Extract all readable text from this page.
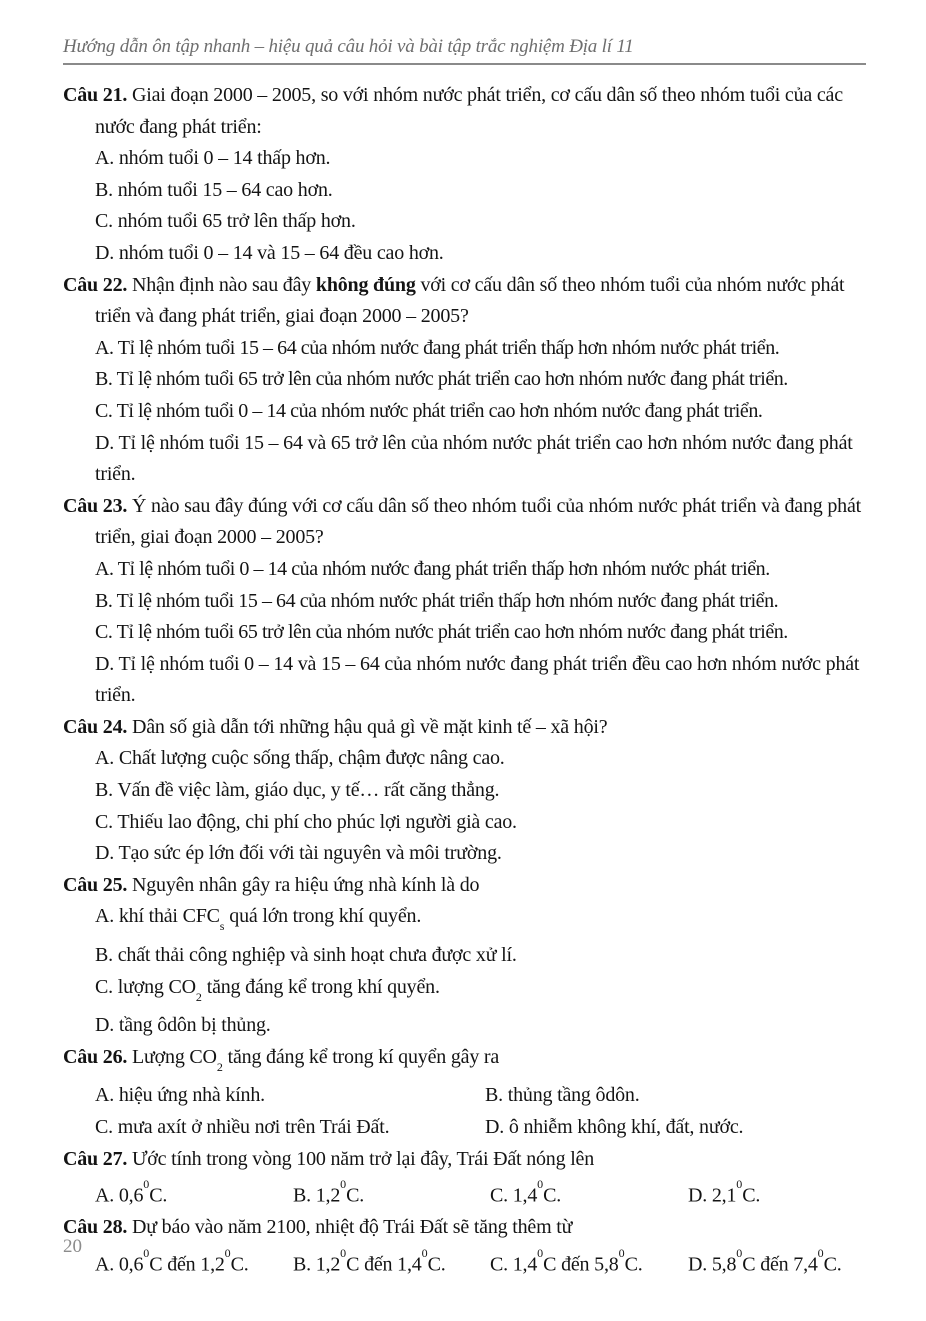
Hướng dẫn ôn tập nhanh – hiệu quả câu hỏi và bài tập trắc nghiệm Địa lí 11

Câu 21. Giai đoạn 2000 – 2005, so với nhóm nước phát triển, cơ cấu dân số theo nhóm tuổi của các nước đang phát triển:

A. nhóm tuổi 0 – 14 thấp hơn.

B. nhóm tuổi 15 – 64 cao hơn.

C. nhóm tuổi 65 trở lên thấp hơn.

D. nhóm tuổi 0 – 14 và 15 – 64 đều cao hơn.

Câu 22. Nhận định nào sau đây không đúng với cơ cấu dân số theo nhóm tuổi của nhóm nước phát triển và đang phát triển, giai đoạn 2000 – 2005?

A. Tỉ lệ nhóm tuổi 15 – 64 của nhóm nước đang phát triển thấp hơn nhóm nước phát triển.

B. Tỉ lệ nhóm tuổi 65 trở lên của nhóm nước phát triển cao hơn nhóm nước đang phát triển.

C. Tỉ lệ nhóm tuổi 0 – 14 của nhóm nước phát triển cao hơn nhóm nước đang phát triển.

D. Tỉ lệ nhóm tuổi 15 – 64 và 65 trở lên của nhóm nước phát triển cao hơn nhóm nước đang phát triển.

Câu 23. Ý nào sau đây đúng với cơ cấu dân số theo nhóm tuổi của nhóm nước phát triển và đang phát triển, giai đoạn 2000 – 2005?

A. Tỉ lệ nhóm tuổi 0 – 14 của nhóm nước đang phát triển thấp hơn nhóm nước phát triển.

B. Tỉ lệ nhóm tuổi 15 – 64 của nhóm nước phát triển thấp hơn nhóm nước đang phát triển.

C. Tỉ lệ nhóm tuổi 65 trở lên của nhóm nước phát triển cao hơn nhóm nước đang phát triển.

D. Tỉ lệ nhóm tuổi 0 – 14 và 15 – 64 của nhóm nước đang phát triển đều cao hơn nhóm nước phát triển.

Câu 24. Dân số già dẫn tới những hậu quả gì về mặt kinh tế – xã hội?

A. Chất lượng cuộc sống thấp, chậm được nâng cao.

B. Vấn đề việc làm, giáo dục, y tế… rất căng thẳng.

C. Thiếu lao động, chi phí cho phúc lợi người già cao.

D. Tạo sức ép lớn đối với tài nguyên và môi trường.

Câu 25. Nguyên nhân gây ra hiệu ứng nhà kính là do

A. khí thải $CFC_s$ quá lớn trong khí quyển.

B. chất thải công nghiệp và sinh hoạt chưa được xử lí.

C. lượng $CO_2$ tăng đáng kể trong khí quyển.

D. tầng ôdôn bị thủng.

Câu 26. Lượng $CO_2$ tăng đáng kể trong kí quyển gây ra

A. hiệu ứng nhà kính.	B. thủng tầng ôdôn.

C. mưa axít ở nhiều nơi trên Trái Đất.	D. ô nhiễm không khí, đất, nước.

Câu 27. Ước tính trong vòng 100 năm trở lại đây, Trái Đất nóng lên

A. $0,6^0C$.	B. $1,2^0C$.	C. $1,4^0C$.	D. $2,1^0C$.

Câu 28. Dự báo vào năm 2100, nhiệt độ Trái Đất sẽ tăng thêm từ

A. $0,6^0C$ đến $1,2^0C$.	B. $1,2^0C$ đến $1,4^0C$.	C. $1,4^0C$ đến $5,8^0C$.	D. $5,8^0C$ đến $7,4^0C$.

20
